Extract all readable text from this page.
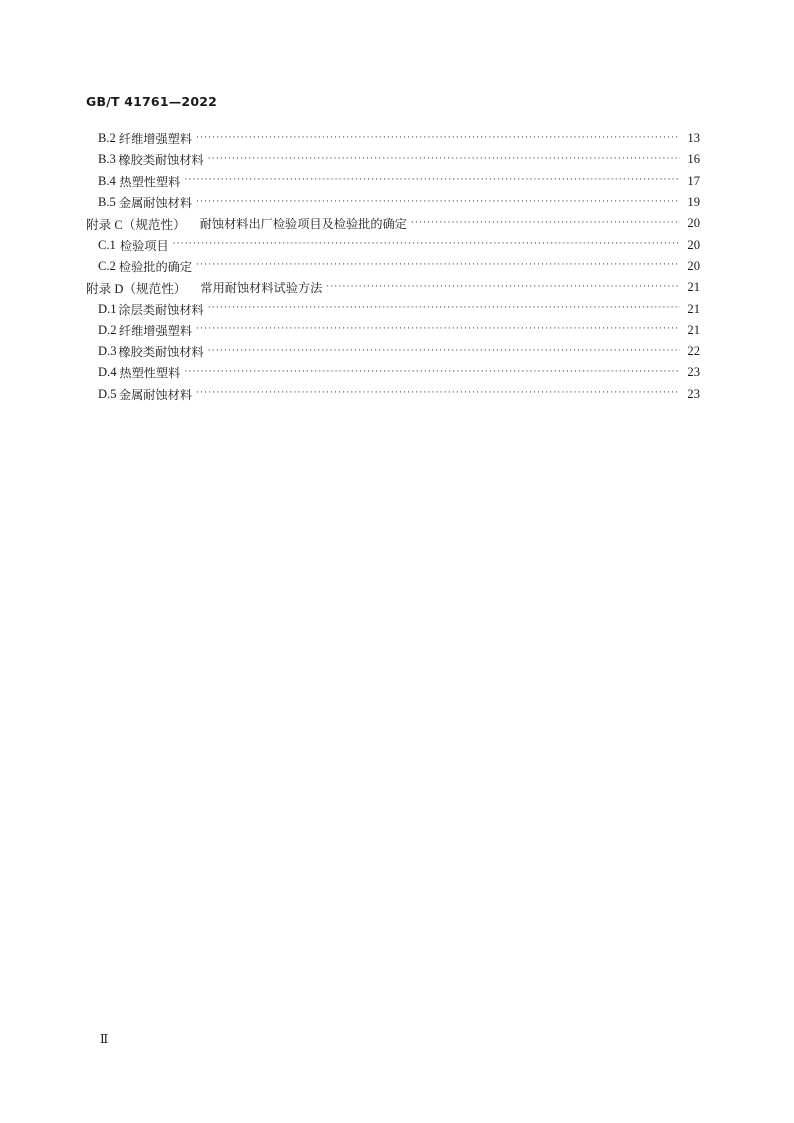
GB/T 41761—2022
B.2 纤维增强塑料 ·····	13
B.3 橡胶类耐蚀材料 ·····	16
B.4 热塑性塑料 ·····	17
B.5 金属耐蚀材料 ·····	19
附录 C（规范性） 耐蚀材料出厂检验项目及检验批的确定 ·····	20
C.1 检验项目 ·····	20
C.2 检验批的确定 ·····	20
附录 D（规范性） 常用耐蚀材料试验方法 ·····	21
D.1 涂层类耐蚀材料 ·····	21
D.2 纤维增强塑料 ·····	21
D.3 橡胶类耐蚀材料 ·····	22
D.4 热塑性塑料 ·····	23
D.5 金属耐蚀材料 ·····	23
Ⅱ
